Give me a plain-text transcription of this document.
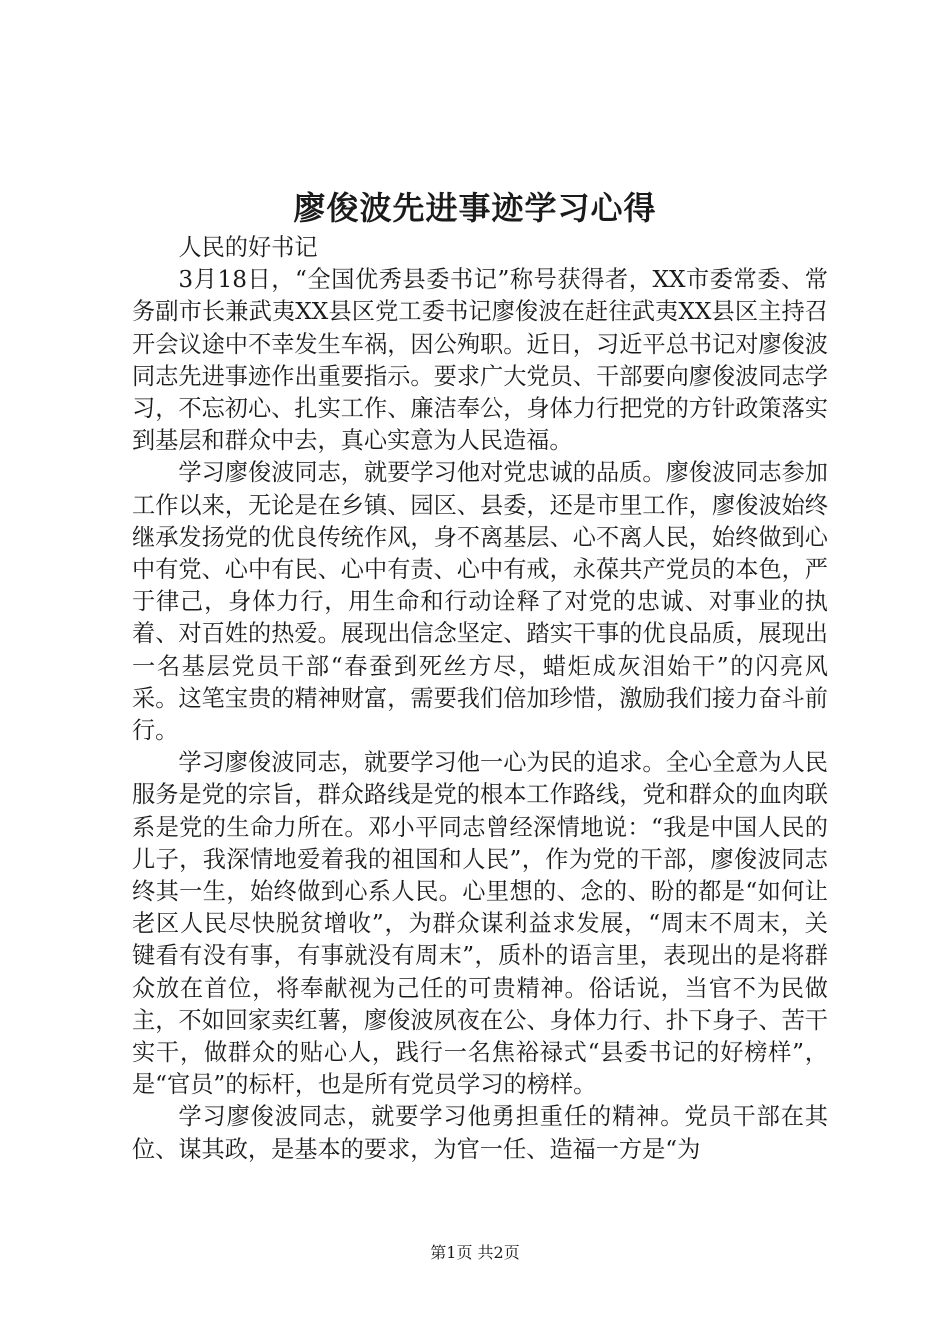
廖俊波先进事迹学习心得

人民的好书记

3月18日，“全国优秀县委书记”称号获得者，XX市委常委、常务副市长兼武夷XX县区党工委书记廖俊波在赶往武夷XX县区主持召开会议途中不幸发生车祸，因公殉职。近日，习近平总书记对廖俊波同志先进事迹作出重要指示。要求广大党员、干部要向廖俊波同志学习，不忘初心、扎实工作、廉洁奉公，身体力行把党的方针政策落实到基层和群众中去，真心实意为人民造福。

学习廖俊波同志，就要学习他对党忠诚的品质。廖俊波同志参加工作以来，无论是在乡镇、园区、县委，还是市里工作，廖俊波始终继承发扬党的优良传统作风，身不离基层、心不离人民，始终做到心中有党、心中有民、心中有责、心中有戒，永葆共产党员的本色，严于律己，身体力行，用生命和行动诠释了对党的忠诚、对事业的执着、对百姓的热爱。展现出信念坚定、踏实干事的优良品质，展现出一名基层党员干部“春蚕到死丝方尽，蜡炬成灰泪始干”的闪亮风采。这笔宝贵的精神财富，需要我们倍加珍惜，激励我们接力奋斗前行。

学习廖俊波同志，就要学习他一心为民的追求。全心全意为人民服务是党的宗旨，群众路线是党的根本工作路线，党和群众的血肉联系是党的生命力所在。邓小平同志曾经深情地说：“我是中国人民的儿子，我深情地爱着我的祖国和人民”，作为党的干部，廖俊波同志终其一生，始终做到心系人民。心里想的、念的、盼的都是“如何让老区人民尽快脱贫增收”，为群众谋利益求发展，“周末不周末，关键看有没有事，有事就没有周末”，质朴的语言里，表现出的是将群众放在首位，将奉献视为己任的可贵精神。俗话说，当官不为民做主，不如回家卖红薯，廖俊波夙夜在公、身体力行、扑下身子、苦干实干，做群众的贴心人，践行一名焦裕禄式“县委书记的好榜样”，是“官员”的标杆，也是所有党员学习的榜样。

学习廖俊波同志，就要学习他勇担重任的精神。党员干部在其位、谋其政，是基本的要求，为官一任、造福一方是“为

第1页 共2页
